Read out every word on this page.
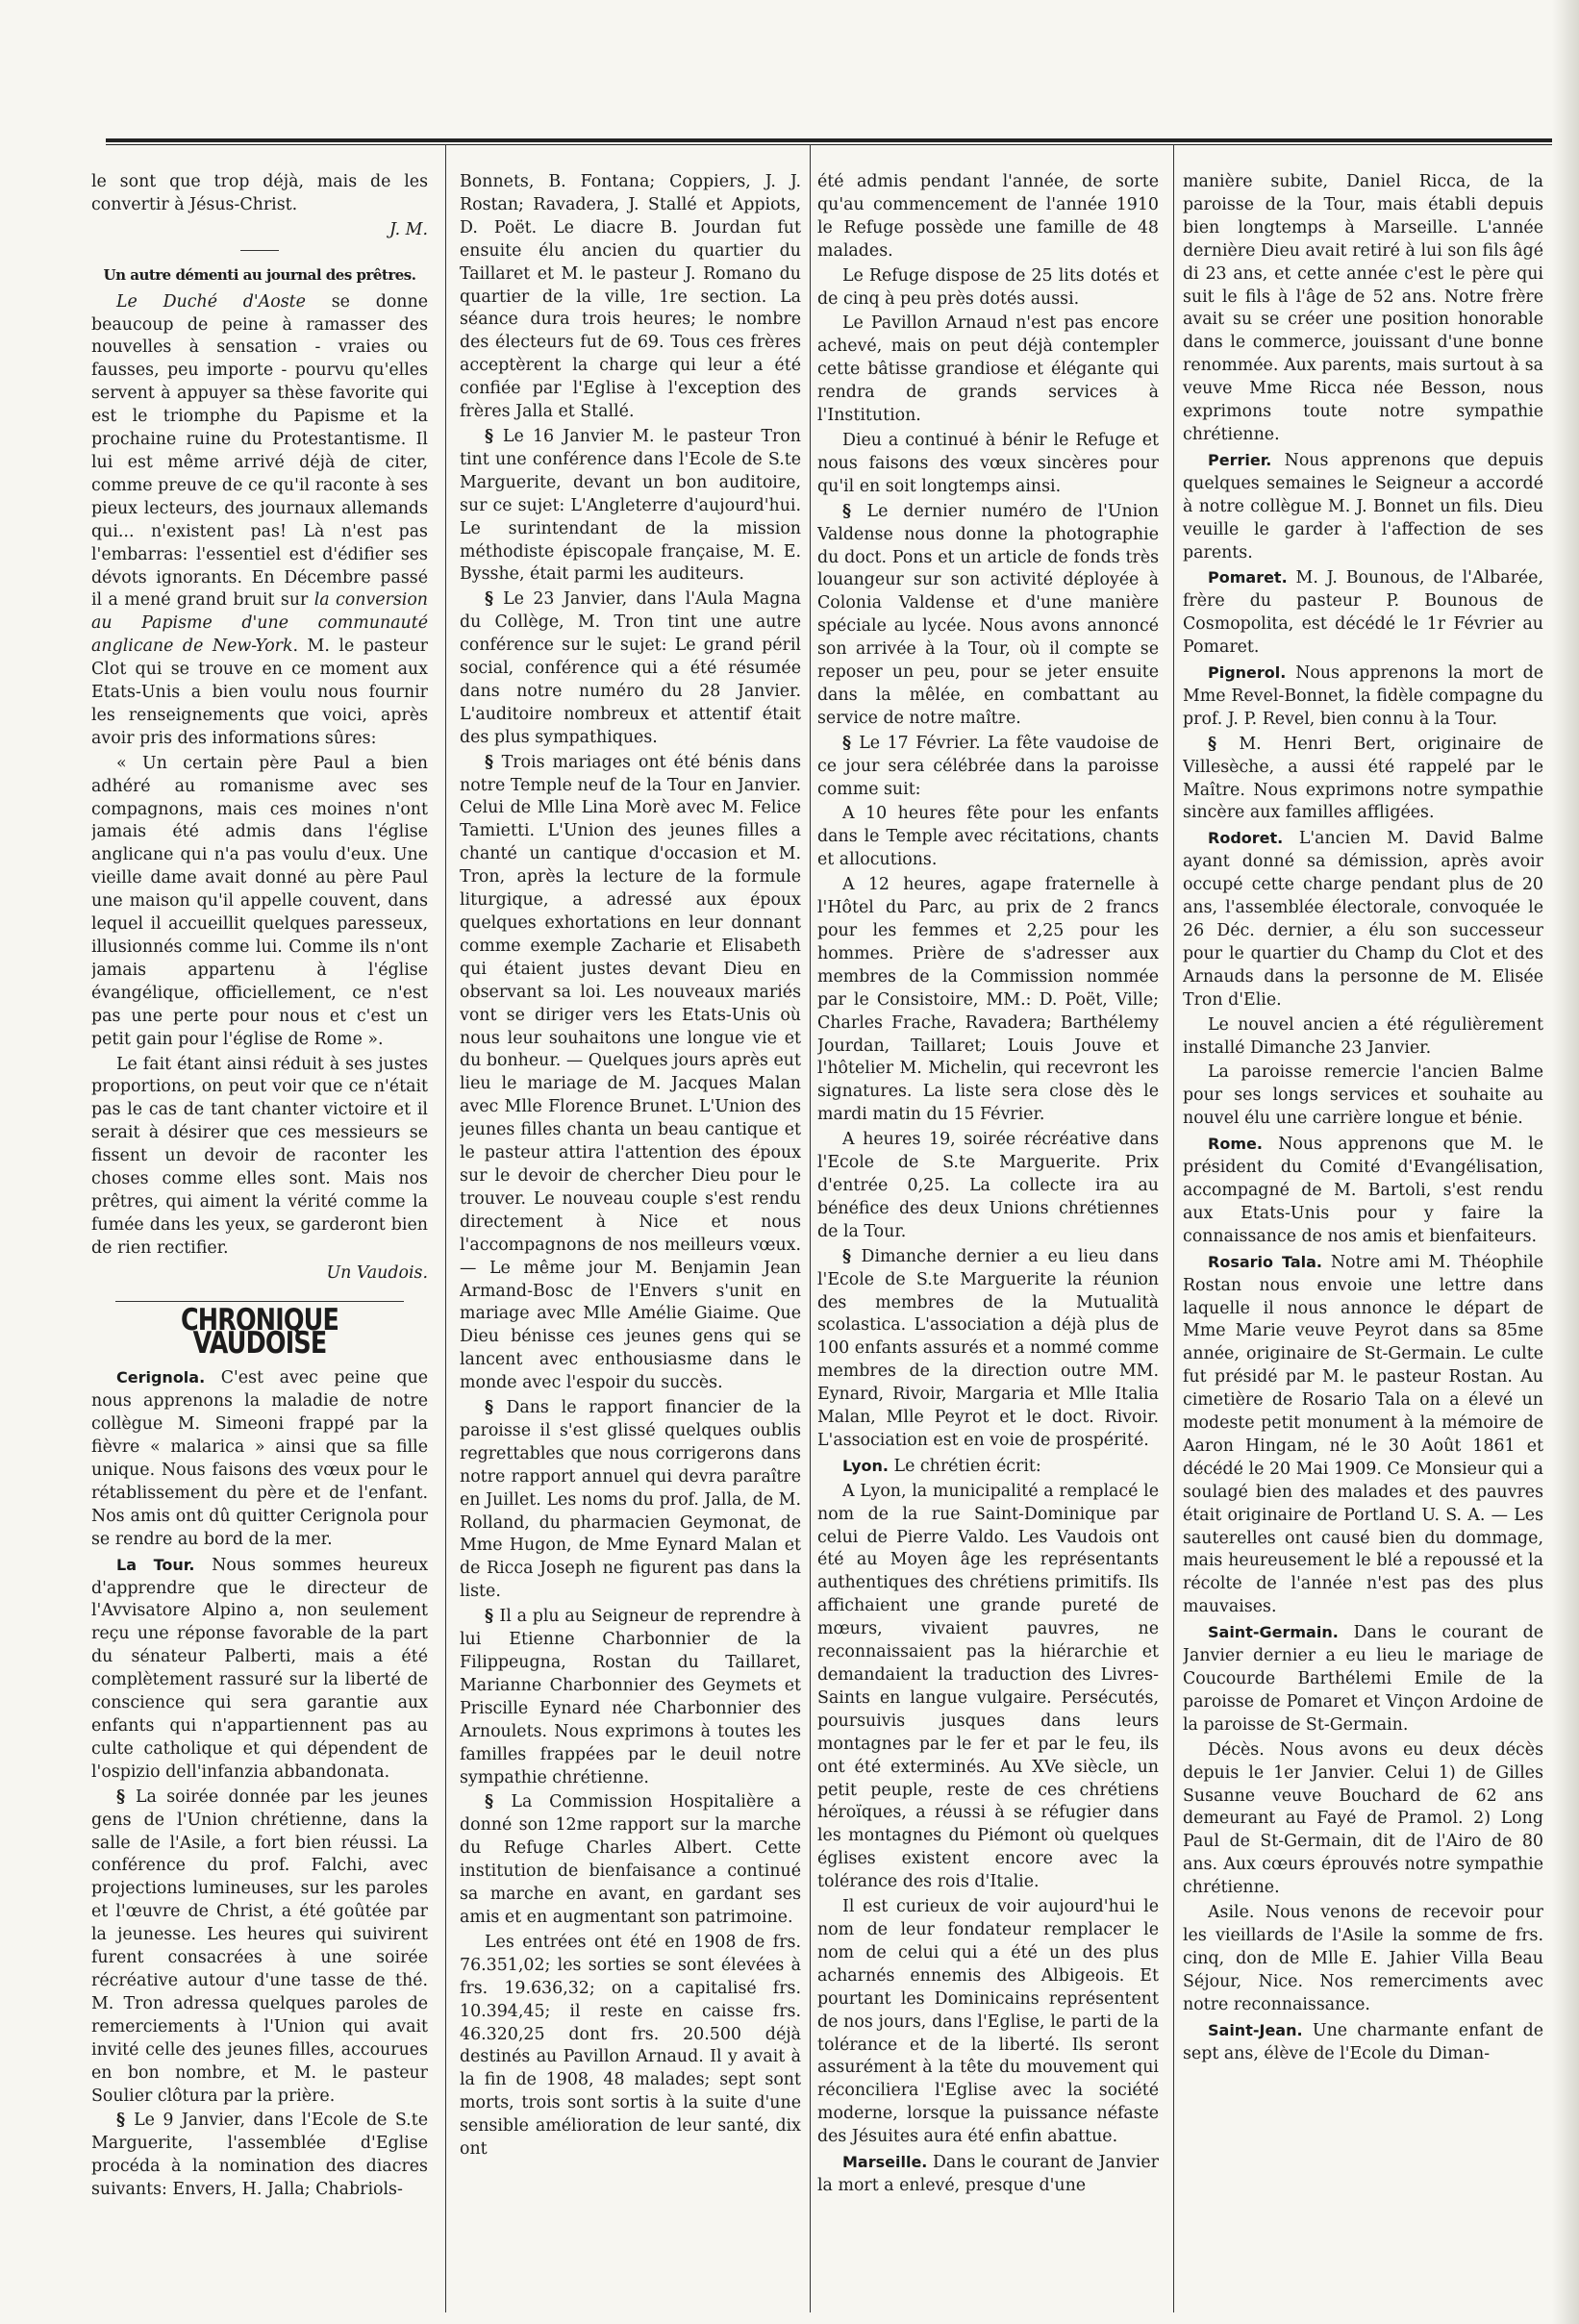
le sont que trop déjà, mais de les convertir à Jésus-Christ.

J. M.

Un autre démenti au journal des prêtres.

Le Duché d'Aoste se donne beaucoup de peine à ramasser des nouvelles à sensation - vraies ou fausses, peu importe - pourvu qu'elles servent à appuyer sa thèse favorite qui est le triomphe du Papisme et la prochaine ruine du Protestantisme. Il lui est même arrivé déjà de citer, comme preuve de ce qu'il raconte à ses pieux lecteurs, des journaux allemands qui... n'existent pas! Là n'est pas l'embarras: l'essentiel est d'édifier ses dévots ignorants. En Décembre passé il a mené grand bruit sur la conversion au Papisme d'une communauté anglicane de New-York. M. le pasteur Clot qui se trouve en ce moment aux Etats-Unis a bien voulu nous fournir les renseignements que voici, après avoir pris des informations sûres:

« Un certain père Paul a bien adhéré au romanisme avec ses compagnons, mais ces moines n'ont jamais été admis dans l'église anglicane qui n'a pas voulu d'eux. Une vieille dame avait donné au père Paul une maison qu'il appelle couvent, dans lequel il accueillit quelques paresseux, illusionnés comme lui. Comme ils n'ont jamais appartenu à l'église évangélique, officiellement, ce n'est pas une perte pour nous et c'est un petit gain pour l'église de Rome ».

Le fait étant ainsi réduit à ses justes proportions, on peut voir que ce n'était pas le cas de tant chanter victoire et il serait à désirer que ces messieurs se fissent un devoir de raconter les choses comme elles sont. Mais nos prêtres, qui aiment la vérité comme la fumée dans les yeux, se garderont bien de rien rectifier.

Un Vaudois.

CHRONIQUE VAUDOISE

Cerignola. C'est avec peine que nous apprenons la maladie de notre collègue M. Simeoni frappé par la fièvre « malarica » ainsi que sa fille unique. Nous faisons des vœux pour le rétablissement du père et de l'enfant. Nos amis ont dû quitter Cerignola pour se rendre au bord de la mer.

La Tour. Nous sommes heureux d'apprendre que le directeur de l'Avvisatore Alpino a, non seulement reçu une réponse favorable de la part du sénateur Palberti, mais a été complètement rassuré sur la liberté de conscience qui sera garantie aux enfants qui n'appartiennent pas au culte catholique et qui dépendent de l'ospizio dell'infanzia abbandonata.

§ La soirée donnée par les jeunes gens de l'Union chrétienne, dans la salle de l'Asile, a fort bien réussi. La conférence du prof. Falchi, avec projections lumineuses, sur les paroles et l'œuvre de Christ, a été goûtée par la jeunesse. Les heures qui suivirent furent consacrées à une soirée récréative autour d'une tasse de thé. M. Tron adressa quelques paroles de remerciements à l'Union qui avait invité celle des jeunes filles, accourues en bon nombre, et M. le pasteur Soulier clôtura par la prière.

§ Le 9 Janvier, dans l'Ecole de S.te Marguerite, l'assemblée d'Eglise procéda à la nomination des diacres suivants: Envers, H. Jalla; Chabriols-

Bonnets, B. Fontana; Coppiers, J. J. Rostan; Ravadera, J. Stallé et Appiots, D. Poët. Le diacre B. Jourdan fut ensuite élu ancien du quartier du Taillaret et M. le pasteur J. Romano du quartier de la ville, 1re section. La séance dura trois heures; le nombre des électeurs fut de 69. Tous ces frères acceptèrent la charge qui leur a été confiée par l'Eglise à l'exception des frères Jalla et Stallé.

§ Le 16 Janvier M. le pasteur Tron tint une conférence dans l'Ecole de S.te Marguerite, devant un bon auditoire, sur ce sujet: L'Angleterre d'aujourd'hui. Le surintendant de la mission méthodiste épiscopale française, M. E. Bysshe, était parmi les auditeurs.

§ Le 23 Janvier, dans l'Aula Magna du Collège, M. Tron tint une autre conférence sur le sujet: Le grand péril social, conférence qui a été résumée dans notre numéro du 28 Janvier. L'auditoire nombreux et attentif était des plus sympathiques.

§ Trois mariages ont été bénis dans notre Temple neuf de la Tour en Janvier. Celui de Mlle Lina Morè avec M. Felice Tamietti. L'Union des jeunes filles a chanté un cantique d'occasion et M. Tron, après la lecture de la formule liturgique, a adressé aux époux quelques exhortations en leur donnant comme exemple Zacharie et Elisabeth qui étaient justes devant Dieu en observant sa loi. Les nouveaux mariés vont se diriger vers les Etats-Unis où nous leur souhaitons une longue vie et du bonheur. — Quelques jours après eut lieu le mariage de M. Jacques Malan avec Mlle Florence Brunet. L'Union des jeunes filles chanta un beau cantique et le pasteur attira l'attention des époux sur le devoir de chercher Dieu pour le trouver. Le nouveau couple s'est rendu directement à Nice et nous l'accompagnons de nos meilleurs vœux. — Le même jour M. Benjamin Jean Armand-Bosc de l'Envers s'unit en mariage avec Mlle Amélie Giaime. Que Dieu bénisse ces jeunes gens qui se lancent avec enthousiasme dans le monde avec l'espoir du succès.

§ Dans le rapport financier de la paroisse il s'est glissé quelques oublis regrettables que nous corrigerons dans notre rapport annuel qui devra paraître en Juillet. Les noms du prof. Jalla, de M. Rolland, du pharmacien Geymonat, de Mme Hugon, de Mme Eynard Malan et de Ricca Joseph ne figurent pas dans la liste.

§ Il a plu au Seigneur de reprendre à lui Etienne Charbonnier de la Filippeugna, Rostan du Taillaret, Marianne Charbonnier des Geymets et Priscille Eynard née Charbonnier des Arnoulets. Nous exprimons à toutes les familles frappées par le deuil notre sympathie chrétienne.

§ La Commission Hospitalière a donné son 12me rapport sur la marche du Refuge Charles Albert. Cette institution de bienfaisance a continué sa marche en avant, en gardant ses amis et en augmentant son patrimoine.

Les entrées ont été en 1908 de frs. 76.351,02; les sorties se sont élevées à frs. 19.636,32; on a capitalisé frs. 10.394,45; il reste en caisse frs. 46.320,25 dont frs. 20.500 déjà destinés au Pavillon Arnaud. Il y avait à la fin de 1908, 48 malades; sept sont morts, trois sont sortis à la suite d'une sensible amélioration de leur santé, dix ont

été admis pendant l'année, de sorte qu'au commencement de l'année 1910 le Refuge possède une famille de 48 malades.

Le Refuge dispose de 25 lits dotés et de cinq à peu près dotés aussi.

Le Pavillon Arnaud n'est pas encore achevé, mais on peut déjà contempler cette bâtisse grandiose et élégante qui rendra de grands services à l'Institution.

Dieu a continué à bénir le Refuge et nous faisons des vœux sincères pour qu'il en soit longtemps ainsi.

§ Le dernier numéro de l'Union Valdense nous donne la photographie du doct. Pons et un article de fonds très louangeur sur son activité déployée à Colonia Valdense et d'une manière spéciale au lycée. Nous avons annoncé son arrivée à la Tour, où il compte se reposer un peu, pour se jeter ensuite dans la mêlée, en combattant au service de notre maître.

§ Le 17 Février. La fête vaudoise de ce jour sera célébrée dans la paroisse comme suit:

A 10 heures fête pour les enfants dans le Temple avec récitations, chants et allocutions.

A 12 heures, agape fraternelle à l'Hôtel du Parc, au prix de 2 francs pour les femmes et 2,25 pour les hommes. Prière de s'adresser aux membres de la Commission nommée par le Consistoire, MM.: D. Poët, Ville; Charles Frache, Ravadera; Barthélemy Jourdan, Taillaret; Louis Jouve et l'hôtelier M. Michelin, qui recevront les signatures. La liste sera close dès le mardi matin du 15 Février.

A heures 19, soirée récréative dans l'Ecole de S.te Marguerite. Prix d'entrée 0,25. La collecte ira au bénéfice des deux Unions chrétiennes de la Tour.

§ Dimanche dernier a eu lieu dans l'Ecole de S.te Marguerite la réunion des membres de la Mutualità scolastica. L'association a déjà plus de 100 enfants assurés et a nommé comme membres de la direction outre MM. Eynard, Rivoir, Margaria et Mlle Italia Malan, Mlle Peyrot et le doct. Rivoir. L'association est en voie de prospérité.

Lyon. Le chrétien écrit:

A Lyon, la municipalité a remplacé le nom de la rue Saint-Dominique par celui de Pierre Valdo. Les Vaudois ont été au Moyen âge les représentants authentiques des chrétiens primitifs. Ils affichaient une grande pureté de mœurs, vivaient pauvres, ne reconnaissaient pas la hiérarchie et demandaient la traduction des Livres-Saints en langue vulgaire. Persécutés, poursuivis jusques dans leurs montagnes par le fer et par le feu, ils ont été exterminés. Au XVe siècle, un petit peuple, reste de ces chrétiens héroïques, a réussi à se réfugier dans les montagnes du Piémont où quelques églises existent encore avec la tolérance des rois d'Italie.

Il est curieux de voir aujourd'hui le nom de leur fondateur remplacer le nom de celui qui a été un des plus acharnés ennemis des Albigeois. Et pourtant les Dominicains représentent de nos jours, dans l'Eglise, le parti de la tolérance et de la liberté. Ils seront assurément à la tête du mouvement qui réconciliera l'Eglise avec la société moderne, lorsque la puissance néfaste des Jésuites aura été enfin abattue.

Marseille. Dans le courant de Janvier la mort a enlevé, presque d'une

manière subite, Daniel Ricca, de la paroisse de la Tour, mais établi depuis bien longtemps à Marseille. L'année dernière Dieu avait retiré à lui son fils âgé di 23 ans, et cette année c'est le père qui suit le fils à l'âge de 52 ans. Notre frère avait su se créer une position honorable dans le commerce, jouissant d'une bonne renommée. Aux parents, mais surtout à sa veuve Mme Ricca née Besson, nous exprimons toute notre sympathie chrétienne.

Perrier. Nous apprenons que depuis quelques semaines le Seigneur a accordé à notre collègue M. J. Bonnet un fils. Dieu veuille le garder à l'affection de ses parents.

Pomaret. M. J. Bounous, de l'Albarée, frère du pasteur P. Bounous de Cosmopolita, est décédé le 1r Février au Pomaret.

Pignerol. Nous apprenons la mort de Mme Revel-Bonnet, la fidèle compagne du prof. J. P. Revel, bien connu à la Tour.

§ M. Henri Bert, originaire de Villesèche, a aussi été rappelé par le Maître. Nous exprimons notre sympathie sincère aux familles affligées.

Rodoret. L'ancien M. David Balme ayant donné sa démission, après avoir occupé cette charge pendant plus de 20 ans, l'assemblée électorale, convoquée le 26 Déc. dernier, a élu son successeur pour le quartier du Champ du Clot et des Arnauds dans la personne de M. Elisée Tron d'Elie.

Le nouvel ancien a été régulièrement installé Dimanche 23 Janvier.

La paroisse remercie l'ancien Balme pour ses longs services et souhaite au nouvel élu une carrière longue et bénie.

Rome. Nous apprenons que M. le président du Comité d'Evangélisation, accompagné de M. Bartoli, s'est rendu aux Etats-Unis pour y faire la connaissance de nos amis et bienfaiteurs.

Rosario Tala. Notre ami M. Théophile Rostan nous envoie une lettre dans laquelle il nous annonce le départ de Mme Marie veuve Peyrot dans sa 85me année, originaire de St-Germain. Le culte fut présidé par M. le pasteur Rostan. Au cimetière de Rosario Tala on a élevé un modeste petit monument à la mémoire de Aaron Hingam, né le 30 Août 1861 et décédé le 20 Mai 1909. Ce Monsieur qui a soulagé bien des malades et des pauvres était originaire de Portland U. S. A. — Les sauterelles ont causé bien du dommage, mais heureusement le blé a repoussé et la récolte de l'année n'est pas des plus mauvaises.

Saint-Germain. Dans le courant de Janvier dernier a eu lieu le mariage de Coucourde Barthélemi Emile de la paroisse de Pomaret et Vinçon Ardoine de la paroisse de St-Germain.

Décès. Nous avons eu deux décès depuis le 1er Janvier. Celui 1) de Gilles Susanne veuve Bouchard de 62 ans demeurant au Fayé de Pramol. 2) Long Paul de St-Germain, dit de l'Airo de 80 ans. Aux cœurs éprouvés notre sympathie chrétienne.

Asile. Nous venons de recevoir pour les vieillards de l'Asile la somme de frs. cinq, don de Mlle E. Jahier Villa Beau Séjour, Nice. Nos remerciments avec notre reconnaissance.

Saint-Jean. Une charmante enfant de sept ans, élève de l'Ecole du Diman-
